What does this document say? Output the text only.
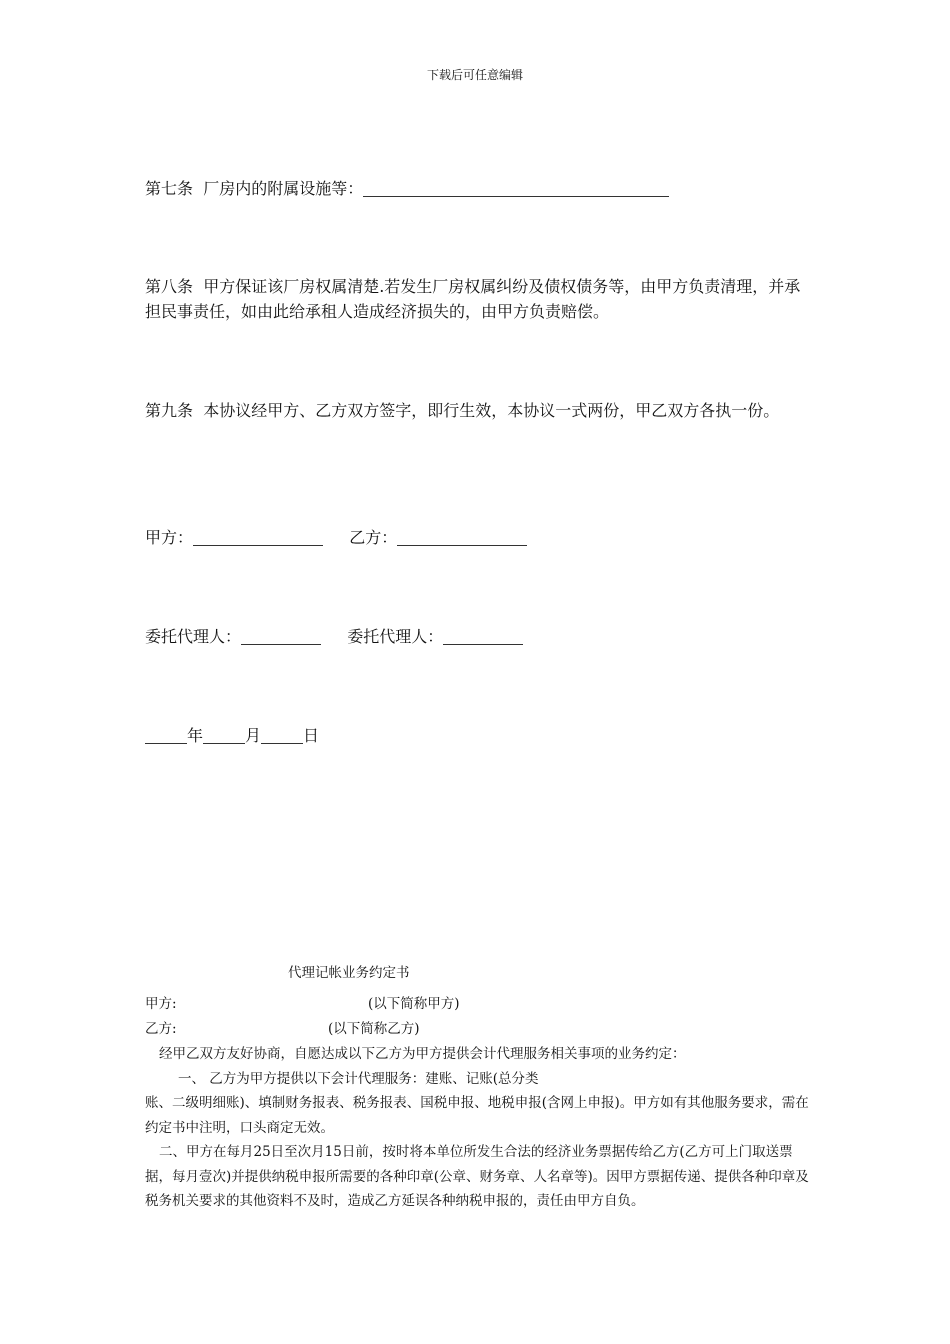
下载后可任意编辑
第七条 厂房内的附属设施等：
第八条 甲方保证该厂房权属清楚.若发生厂房权属纠纷及债权债务等，由甲方负责清理，并承担民事责任，如由此给承租人造成经济损失的，由甲方负责赔偿。
第九条 本协议经甲方、乙方双方签字，即行生效，本协议一式两份，甲乙双方各执一份。
甲方：	乙方：
委托代理人：	委托代理人：
年	月	日
代理记帐业务约定书
甲方:	(以下简称甲方)
乙方:	(以下简称乙方)
经甲乙双方友好协商，自愿达成以下乙方为甲方提供会计代理服务相关事项的业务约定：
一、 乙方为甲方提供以下会计代理服务：建账、记账(总分类
账、二级明细账)、填制财务报表、税务报表、国税申报、地税申报(含网上申报)。甲方如有其他服务要求，需在约定书中注明，口头商定无效。
二、甲方在每月25日至次月15日前，按时将本单位所发生合法的经济业务票据传给乙方(乙方可上门取送票据，每月壹次)并提供纳税申报所需要的各种印章(公章、财务章、人名章等)。因甲方票据传递、提供各种印章及税务机关要求的其他资料不及时，造成乙方延误各种纳税申报的，责任由甲方自负。
